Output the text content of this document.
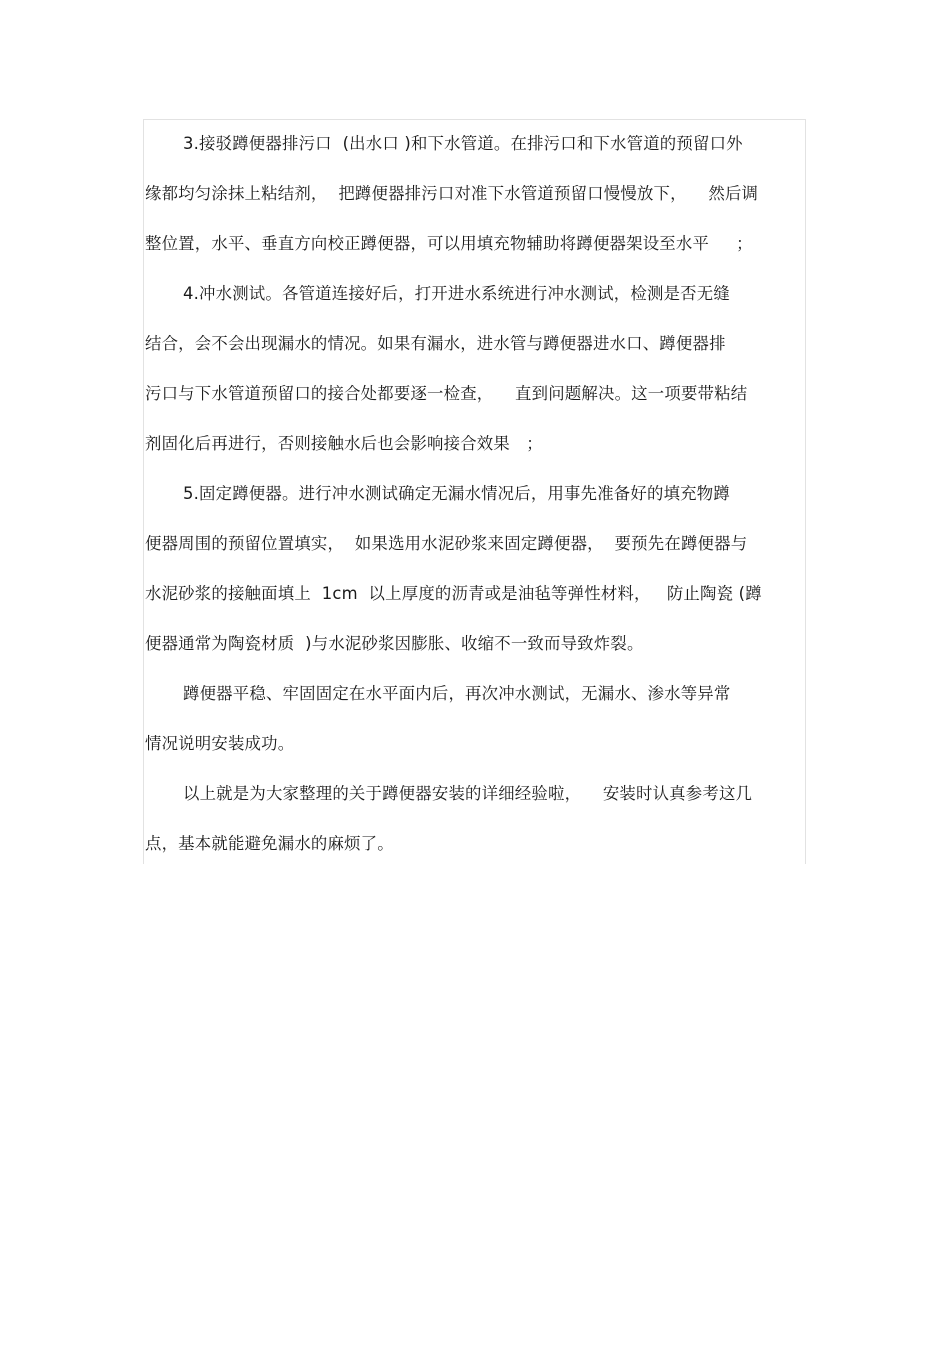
3.接驳蹲便器排污口  (出水口 )和下水管道。在排污口和下水管道的预留口外
缘都均匀涂抹上粘结剂，  把蹲便器排污口对准下水管道预留口慢慢放下，    然后调
整位置，水平、垂直方向校正蹲便器，可以用填充物辅助将蹲便器架设至水平     ；
4.冲水测试。各管道连接好后，打开进水系统进行冲水测试，检测是否无缝
结合，会不会出现漏水的情况。如果有漏水，进水管与蹲便器进水口、蹲便器排
污口与下水管道预留口的接合处都要逐一检查，    直到问题解决。这一项要带粘结
剂固化后再进行，否则接触水后也会影响接合效果   ；
5.固定蹲便器。进行冲水测试确定无漏水情况后，用事先准备好的填充物蹲
便器周围的预留位置填实，  如果选用水泥砂浆来固定蹲便器，  要预先在蹲便器与
水泥砂浆的接触面填上  1cm  以上厚度的沥青或是油毡等弹性材料，   防止陶瓷 (蹲
便器通常为陶瓷材质  )与水泥砂浆因膨胀、收缩不一致而导致炸裂。
蹲便器平稳、牢固固定在水平面内后，再次冲水测试，无漏水、渗水等异常
情况说明安装成功。
以上就是为大家整理的关于蹲便器安装的详细经验啦，    安装时认真参考这几
点，基本就能避免漏水的麻烦了。
